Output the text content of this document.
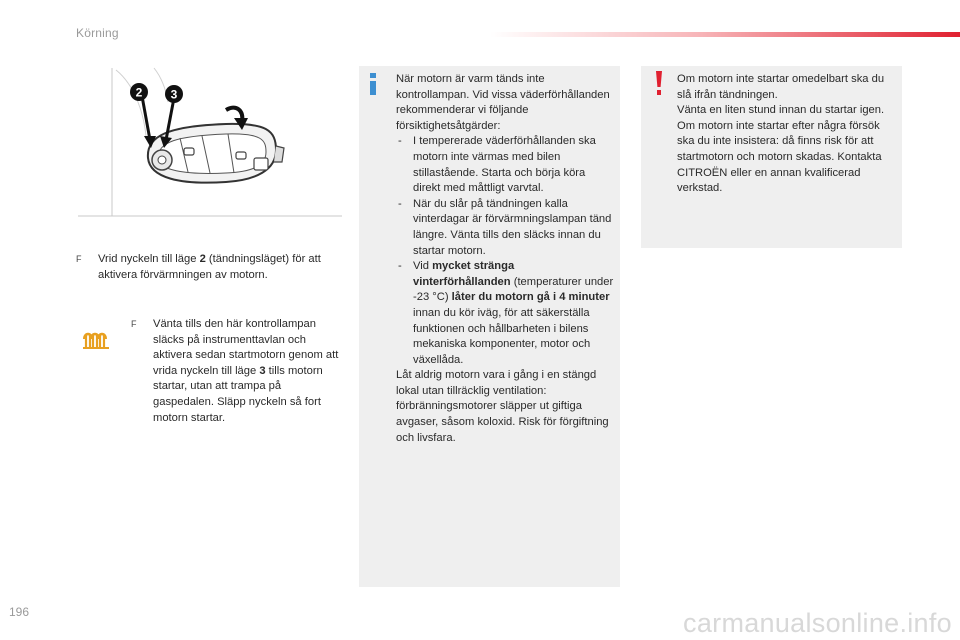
Körning
2 3
F	Vrid nyckeln till läge 2 (tändningsläget) för att aktivera förvärmningen av motorn.
F	Vänta tills den här kontrollampan släcks på instrumenttavlan och aktivera sedan startmotorn genom att vrida nyckeln till läge 3 tills motorn startar, utan att trampa på gaspedalen. Släpp nyckeln så fort motorn startar.

När motorn är varm tänds inte kontrollampan. Vid vissa väderförhållanden rekommenderar vi följande försiktighetsåtgärder:

- I tempererade väderförhållanden ska motorn inte värmas med bilen stillastående. Starta och börja köra direkt med måttligt varvtal.
- När du slår på tändningen kalla vinterdagar är förvärmningslampan tänd längre. Vänta tills den släcks innan du startar motorn.
- Vid mycket stränga vinterförhållanden (temperaturer under -23 °C) låter du motorn gå i 4 minuter innan du kör iväg, för att säkerställa funktionen och hållbarheten i bilens mekaniska komponenter, motor och växellåda.

Låt aldrig motorn vara i gång i en stängd lokal utan tillräcklig ventilation: förbränningsmotorer släpper ut giftiga avgaser, såsom koloxid. Risk för förgiftning och livsfara.

Om motorn inte startar omedelbart ska du slå ifrån tändningen.

Vänta en liten stund innan du startar igen. Om motorn inte startar efter några försök ska du inte insistera: då finns risk för att startmotorn och motorn skadas. Kontakta CITROËN eller en annan kvalificerad verkstad.

196	carmanualsonline.info
